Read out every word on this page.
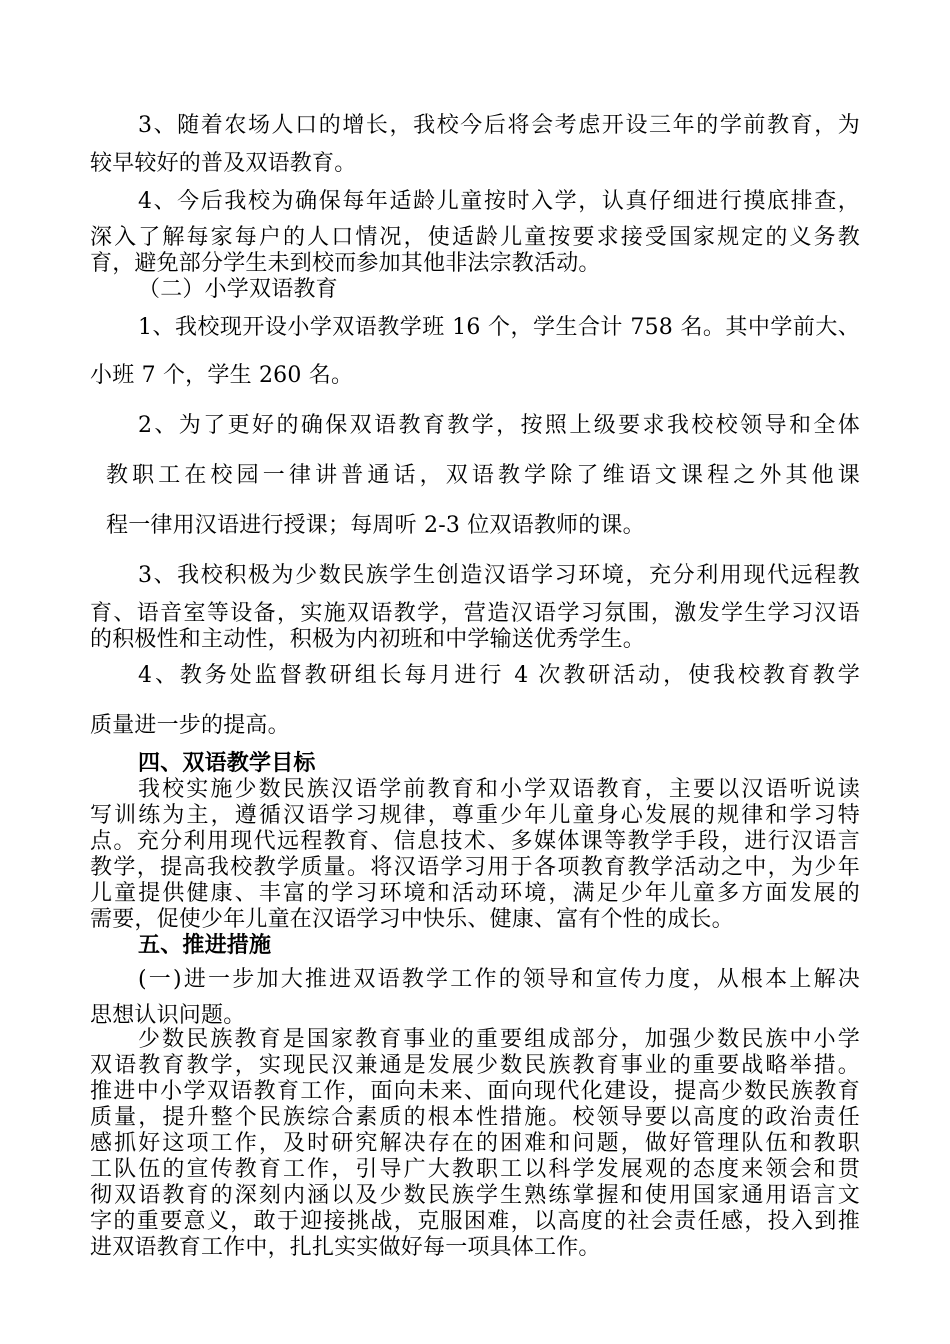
3、随着农场人口的增长，我校今后将会考虑开设三年的学前教育，为
较早较好的普及双语教育。
4、今后我校为确保每年适龄儿童按时入学，认真仔细进行摸底排查，
深入了解每家每户的人口情况，使适龄儿童按要求接受国家规定的义务教
育，避免部分学生未到校而参加其他非法宗教活动。
（二）小学双语教育
1、我校现开设小学双语教学班 16 个，学生合计 758 名。其中学前大、
小班 7 个，学生 260 名。
2、为了更好的确保双语教育教学，按照上级要求我校校领导和全体
教职工在校园一律讲普通话，双语教学除了维语文课程之外其他课
程一律用汉语进行授课；每周听 2-3 位双语教师的课。
3、我校积极为少数民族学生创造汉语学习环境，充分利用现代远程教
育、语音室等设备，实施双语教学，营造汉语学习氛围，激发学生学习汉语
的积极性和主动性，积极为内初班和中学输送优秀学生。
4、教务处监督教研组长每月进行 4 次教研活动，使我校教育教学
质量进一步的提高。
四、双语教学目标
我校实施少数民族汉语学前教育和小学双语教育，主要以汉语听说读
写训练为主，遵循汉语学习规律，尊重少年儿童身心发展的规律和学习特
点。充分利用现代远程教育、信息技术、多媒体课等教学手段，进行汉语言
教学，提高我校教学质量。将汉语学习用于各项教育教学活动之中，为少年
儿童提供健康、丰富的学习环境和活动环境，满足少年儿童多方面发展的
需要，促使少年儿童在汉语学习中快乐、健康、富有个性的成长。
五、推进措施
(一)进一步加大推进双语教学工作的领导和宣传力度，从根本上解决
思想认识问题。
少数民族教育是国家教育事业的重要组成部分，加强少数民族中小学
双语教育教学，实现民汉兼通是发展少数民族教育事业的重要战略举措。
推进中小学双语教育工作，面向未来、面向现代化建设，提高少数民族教育
质量，提升整个民族综合素质的根本性措施。校领导要以高度的政治责任
感抓好这项工作，及时研究解决存在的困难和问题，做好管理队伍和教职
工队伍的宣传教育工作，引导广大教职工以科学发展观的态度来领会和贯
彻双语教育的深刻内涵以及少数民族学生熟练掌握和使用国家通用语言文
字的重要意义，敢于迎接挑战，克服困难，以高度的社会责任感，投入到推
进双语教育工作中，扎扎实实做好每一项具体工作。
